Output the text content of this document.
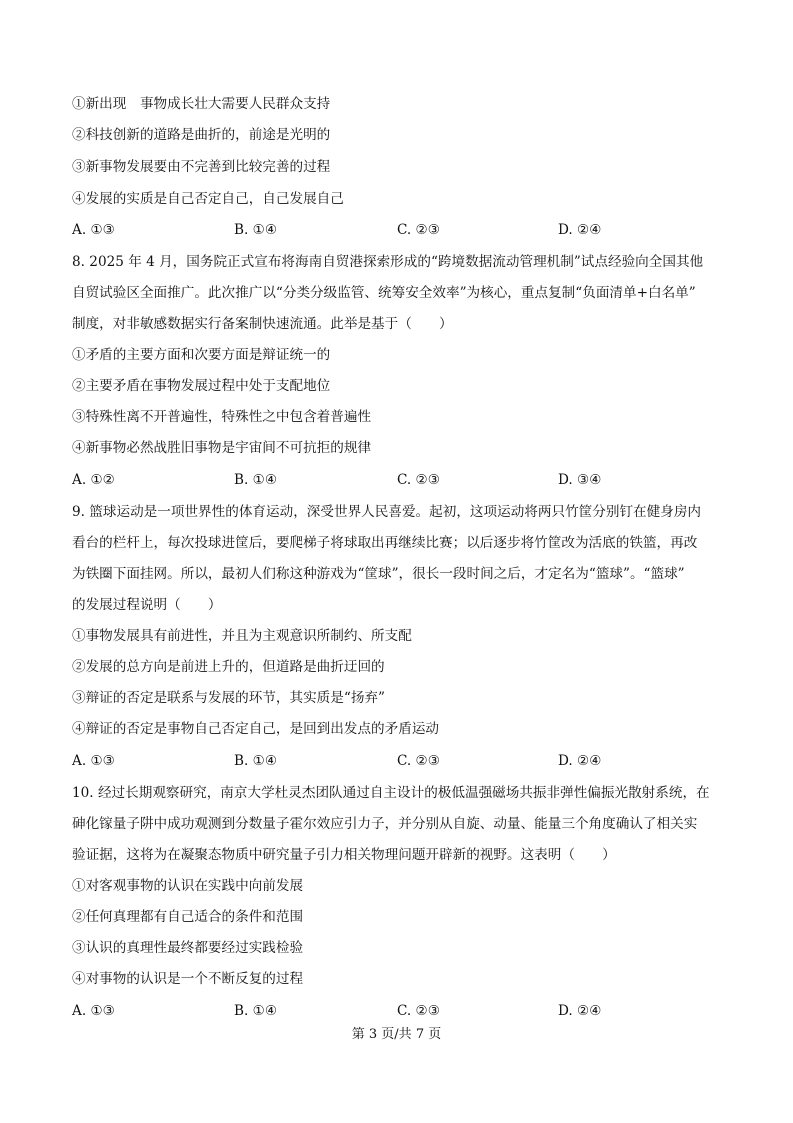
①新出现　事物成长壮大需要人民群众支持
②科技创新的道路是曲折的，前途是光明的
③新事物发展要由不完善到比较完善的过程
④发展的实质是自己否定自己，自己发展自己
A. ①③	B. ①④	C. ②③	D. ②④
8. 2025 年 4 月，国务院正式宣布将海南自贸港探索形成的“跨境数据流动管理机制”试点经验向全国其他
自贸试验区全面推广。此次推广以“分类分级监管、统筹安全效率”为核心，重点复制“负面清单+白名单”
制度，对非敏感数据实行备案制快速流通。此举是基于（　　）
①矛盾的主要方面和次要方面是辩证统一的
②主要矛盾在事物发展过程中处于支配地位
③特殊性离不开普遍性，特殊性之中包含着普遍性
④新事物必然战胜旧事物是宇宙间不可抗拒的规律
A. ①②	B. ①④	C. ②③	D. ③④
9. 篮球运动是一项世界性的体育运动，深受世界人民喜爱。起初，这项运动将两只竹筐分别钉在健身房内
看台的栏杆上，每次投球进筐后，要爬梯子将球取出再继续比赛；以后逐步将竹筐改为活底的铁篮，再改
为铁圈下面挂网。所以，最初人们称这种游戏为“筐球”，很长一段时间之后，才定名为“篮球”。“篮球”
的发展过程说明（　　）
①事物发展具有前进性，并且为主观意识所制约、所支配
②发展的总方向是前进上升的，但道路是曲折迂回的
③辩证的否定是联系与发展的环节，其实质是“扬弃”
④辩证的否定是事物自己否定自己，是回到出发点的矛盾运动
A. ①③	B. ①④	C. ②③	D. ②④
10. 经过长期观察研究，南京大学杜灵杰团队通过自主设计的极低温强磁场共振非弹性偏振光散射系统，在
砷化镓量子阱中成功观测到分数量子霍尔效应引力子，并分别从自旋、动量、能量三个角度确认了相关实
验证据，这将为在凝聚态物质中研究量子引力相关物理问题开辟新的视野。这表明（　　）
①对客观事物的认识在实践中向前发展
②任何真理都有自己适合的条件和范围
③认识的真理性最终都要经过实践检验
④对事物的认识是一个不断反复的过程
A. ①③	B. ①④	C. ②③	D. ②④
第 3 页/共 7 页
